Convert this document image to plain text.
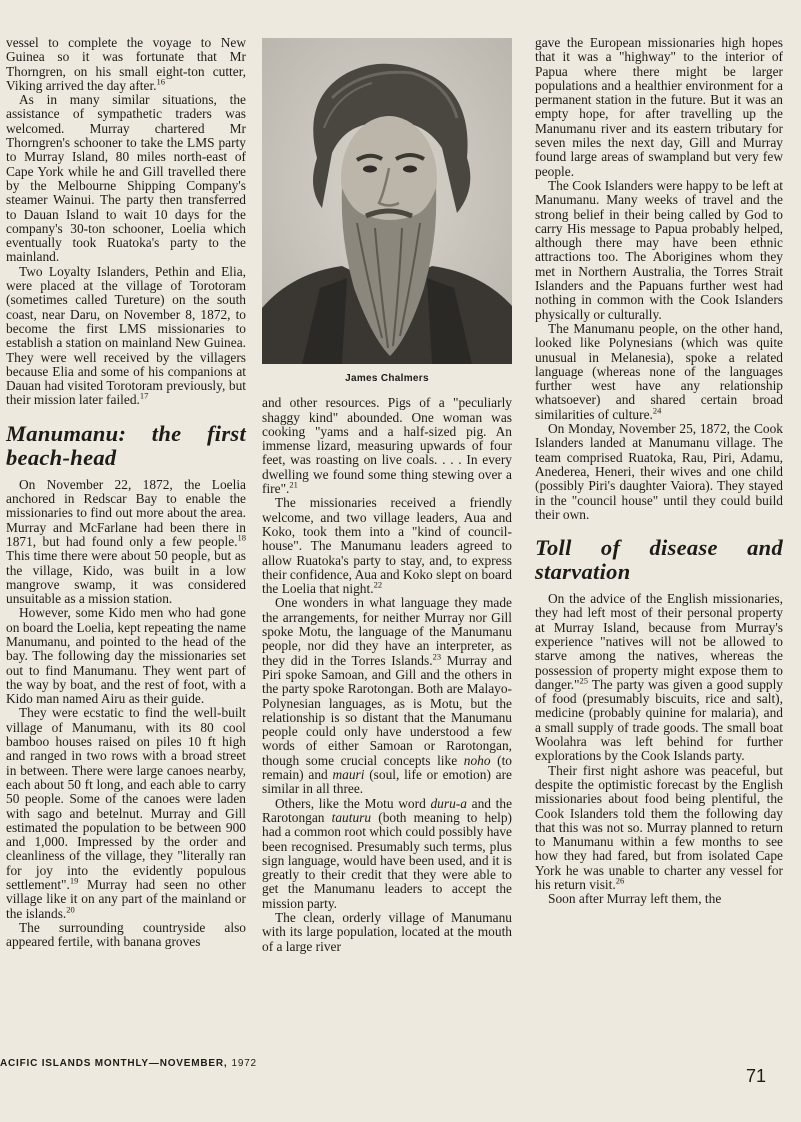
vessel to complete the voyage to New Guinea so it was fortunate that Mr Thorngren, on his small eight-ton cutter, Viking arrived the day after.$^{16}$

As in many similar situations, the assistance of sympathetic traders was welcomed. Murray chartered Mr Thorngren's schooner to take the LMS party to Murray Island, 80 miles north-east of Cape York while he and Gill travelled there by the Melbourne Shipping Company's steamer Wainui. The party then transferred to Dauan Island to wait 10 days for the company's 30-ton schooner, Loelia which eventually took Ruatoka's party to the mainland.

Two Loyalty Islanders, Pethin and Elia, were placed at the village of Torotoram (sometimes called Tureture) on the south coast, near Daru, on November 8, 1872, to become the first LMS missionaries to establish a station on mainland New Guinea. They were well received by the villagers because Elia and some of his companions at Dauan had visited Torotoram previously, but their mission later failed.$^{17}$

Manumanu: the first beach-head

On November 22, 1872, the Loelia anchored in Redscar Bay to enable the missionaries to find out more about the area. Murray and McFarlane had been there in 1871, but had found only a few people.$^{18}$ This time there were about 50 people, but as the village, Kido, was built in a low mangrove swamp, it was considered unsuitable as a mission station.

However, some Kido men who had gone on board the Loelia, kept repeating the name Manumanu, and pointed to the head of the bay. The following day the missionaries set out to find Manumanu. They went part of the way by boat, and the rest of foot, with a Kido man named Airu as their guide.

They were ecstatic to find the well-built village of Manumanu, with its 80 cool bamboo houses raised on piles 10 ft high and ranged in two rows with a broad street in between. There were large canoes nearby, each about 50 ft long, and each able to carry 50 people. Some of the canoes were laden with sago and betelnut. Murray and Gill estimated the population to be between 900 and 1,000. Impressed by the order and cleanliness of the village, they "literally ran for joy into the evidently populous settlement".$^{19}$ Murray had seen no other village like it on any part of the mainland or the islands.$^{20}$

The surrounding countryside also appeared fertile, with banana groves

James Chalmers

and other resources. Pigs of a "peculiarly shaggy kind" abounded. One woman was cooking "yams and a half-sized pig. An immense lizard, measuring upwards of four feet, was roasting on live coals. . . . In every dwelling we found some thing stewing over a fire".$^{21}$

The missionaries received a friendly welcome, and two village leaders, Aua and Koko, took them into a "kind of council-house". The Manumanu leaders agreed to allow Ruatoka's party to stay, and, to express their confidence, Aua and Koko slept on board the Loelia that night.$^{22}$

One wonders in what language they made the arrangements, for neither Murray nor Gill spoke Motu, the language of the Manumanu people, nor did they have an interpreter, as they did in the Torres Islands.$^{23}$ Murray and Piri spoke Samoan, and Gill and the others in the party spoke Rarotongan. Both are Malayo-Polynesian languages, as is Motu, but the relationship is so distant that the Manumanu people could only have understood a few words of either Samoan or Rarotongan, though some crucial concepts like noho (to remain) and mauri (soul, life or emotion) are similar in all three.

Others, like the Motu word duru-a and the Rarotongan tauturu (both meaning to help) had a common root which could possibly have been recognised. Presumably such terms, plus sign language, would have been used, and it is greatly to their credit that they were able to get the Manumanu leaders to accept the mission party.

The clean, orderly village of Manumanu with its large population, located at the mouth of a large river

gave the European missionaries high hopes that it was a "highway" to the interior of Papua where there might be larger populations and a healthier environment for a permanent station in the future. But it was an empty hope, for after travelling up the Manumanu river and its eastern tributary for seven miles the next day, Gill and Murray found large areas of swampland but very few people.

The Cook Islanders were happy to be left at Manumanu. Many weeks of travel and the strong belief in their being called by God to carry His message to Papua probably helped, although there may have been ethnic attractions too. The Aborigines whom they met in Northern Australia, the Torres Strait Islanders and the Papuans further west had nothing in common with the Cook Islanders physically or culturally.

The Manumanu people, on the other hand, looked like Polynesians (which was quite unusual in Melanesia), spoke a related language (whereas none of the languages further west have any relationship whatsoever) and shared certain broad similarities of culture.$^{24}$

On Monday, November 25, 1872, the Cook Islanders landed at Manumanu village. The team comprised Ruatoka, Rau, Piri, Adamu, Anederea, Heneri, their wives and one child (possibly Piri's daughter Vaiora). They stayed in the "council house" until they could build their own.

Toll of disease and starvation

On the advice of the English missionaries, they had left most of their personal property at Murray Island, because from Murray's experience "natives will not be allowed to starve among the natives, whereas the possession of property might expose them to danger."$^{25}$ The party was given a good supply of food (presumably biscuits, rice and salt), medicine (probably quinine for malaria), and a small supply of trade goods. The small boat Woolahra was left behind for further explorations by the Cook Islands party.

Their first night ashore was peaceful, but despite the optimistic forecast by the English missionaries about food being plentiful, the Cook Islanders told them the following day that this was not so. Murray planned to return to Manumanu within a few months to see how they had fared, but from isolated Cape York he was unable to charter any vessel for his return visit.$^{26}$

Soon after Murray left them, the

ACIFIC ISLANDS MONTHLY—NOVEMBER, 1972
71
